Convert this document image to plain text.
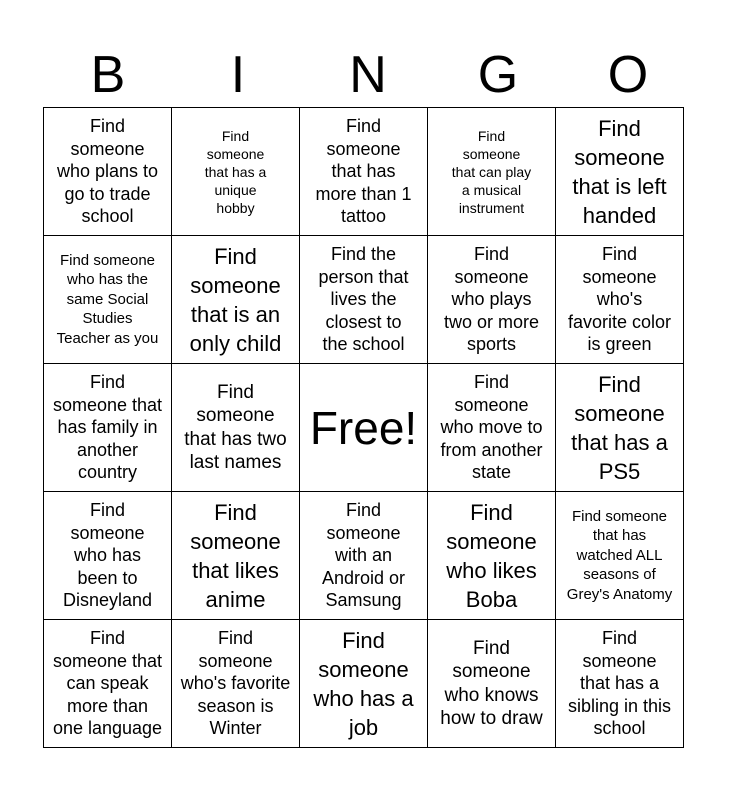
B	I	N	G	O
Find
someone
who plans to
go to trade
school	Find
someone
that has a
unique
hobby	Find
someone
that has
more than 1
tattoo	Find
someone
that can play
a musical
instrument	Find
someone
that is left
handed
Find someone
who has the
same Social
Studies
Teacher as you	Find
someone
that is an
only child	Find the
person that
lives the
closest to
the school	Find
someone
who plays
two or more
sports	Find
someone
who's
favorite color
is green
Find
someone that
has family in
another
country	Find
someone
that has two
last names	Free!	Find
someone
who move to
from another
state	Find
someone
that has a
PS5
Find
someone
who has
been to
Disneyland	Find
someone
that likes
anime	Find
someone
with an
Android or
Samsung	Find
someone
who likes
Boba	Find someone
that has
watched ALL
seasons of
Grey's Anatomy
Find
someone that
can speak
more than
one language	Find
someone
who's favorite
season is
Winter	Find
someone
who has a
job	Find
someone
who knows
how to draw	Find
someone
that has a
sibling in this
school
